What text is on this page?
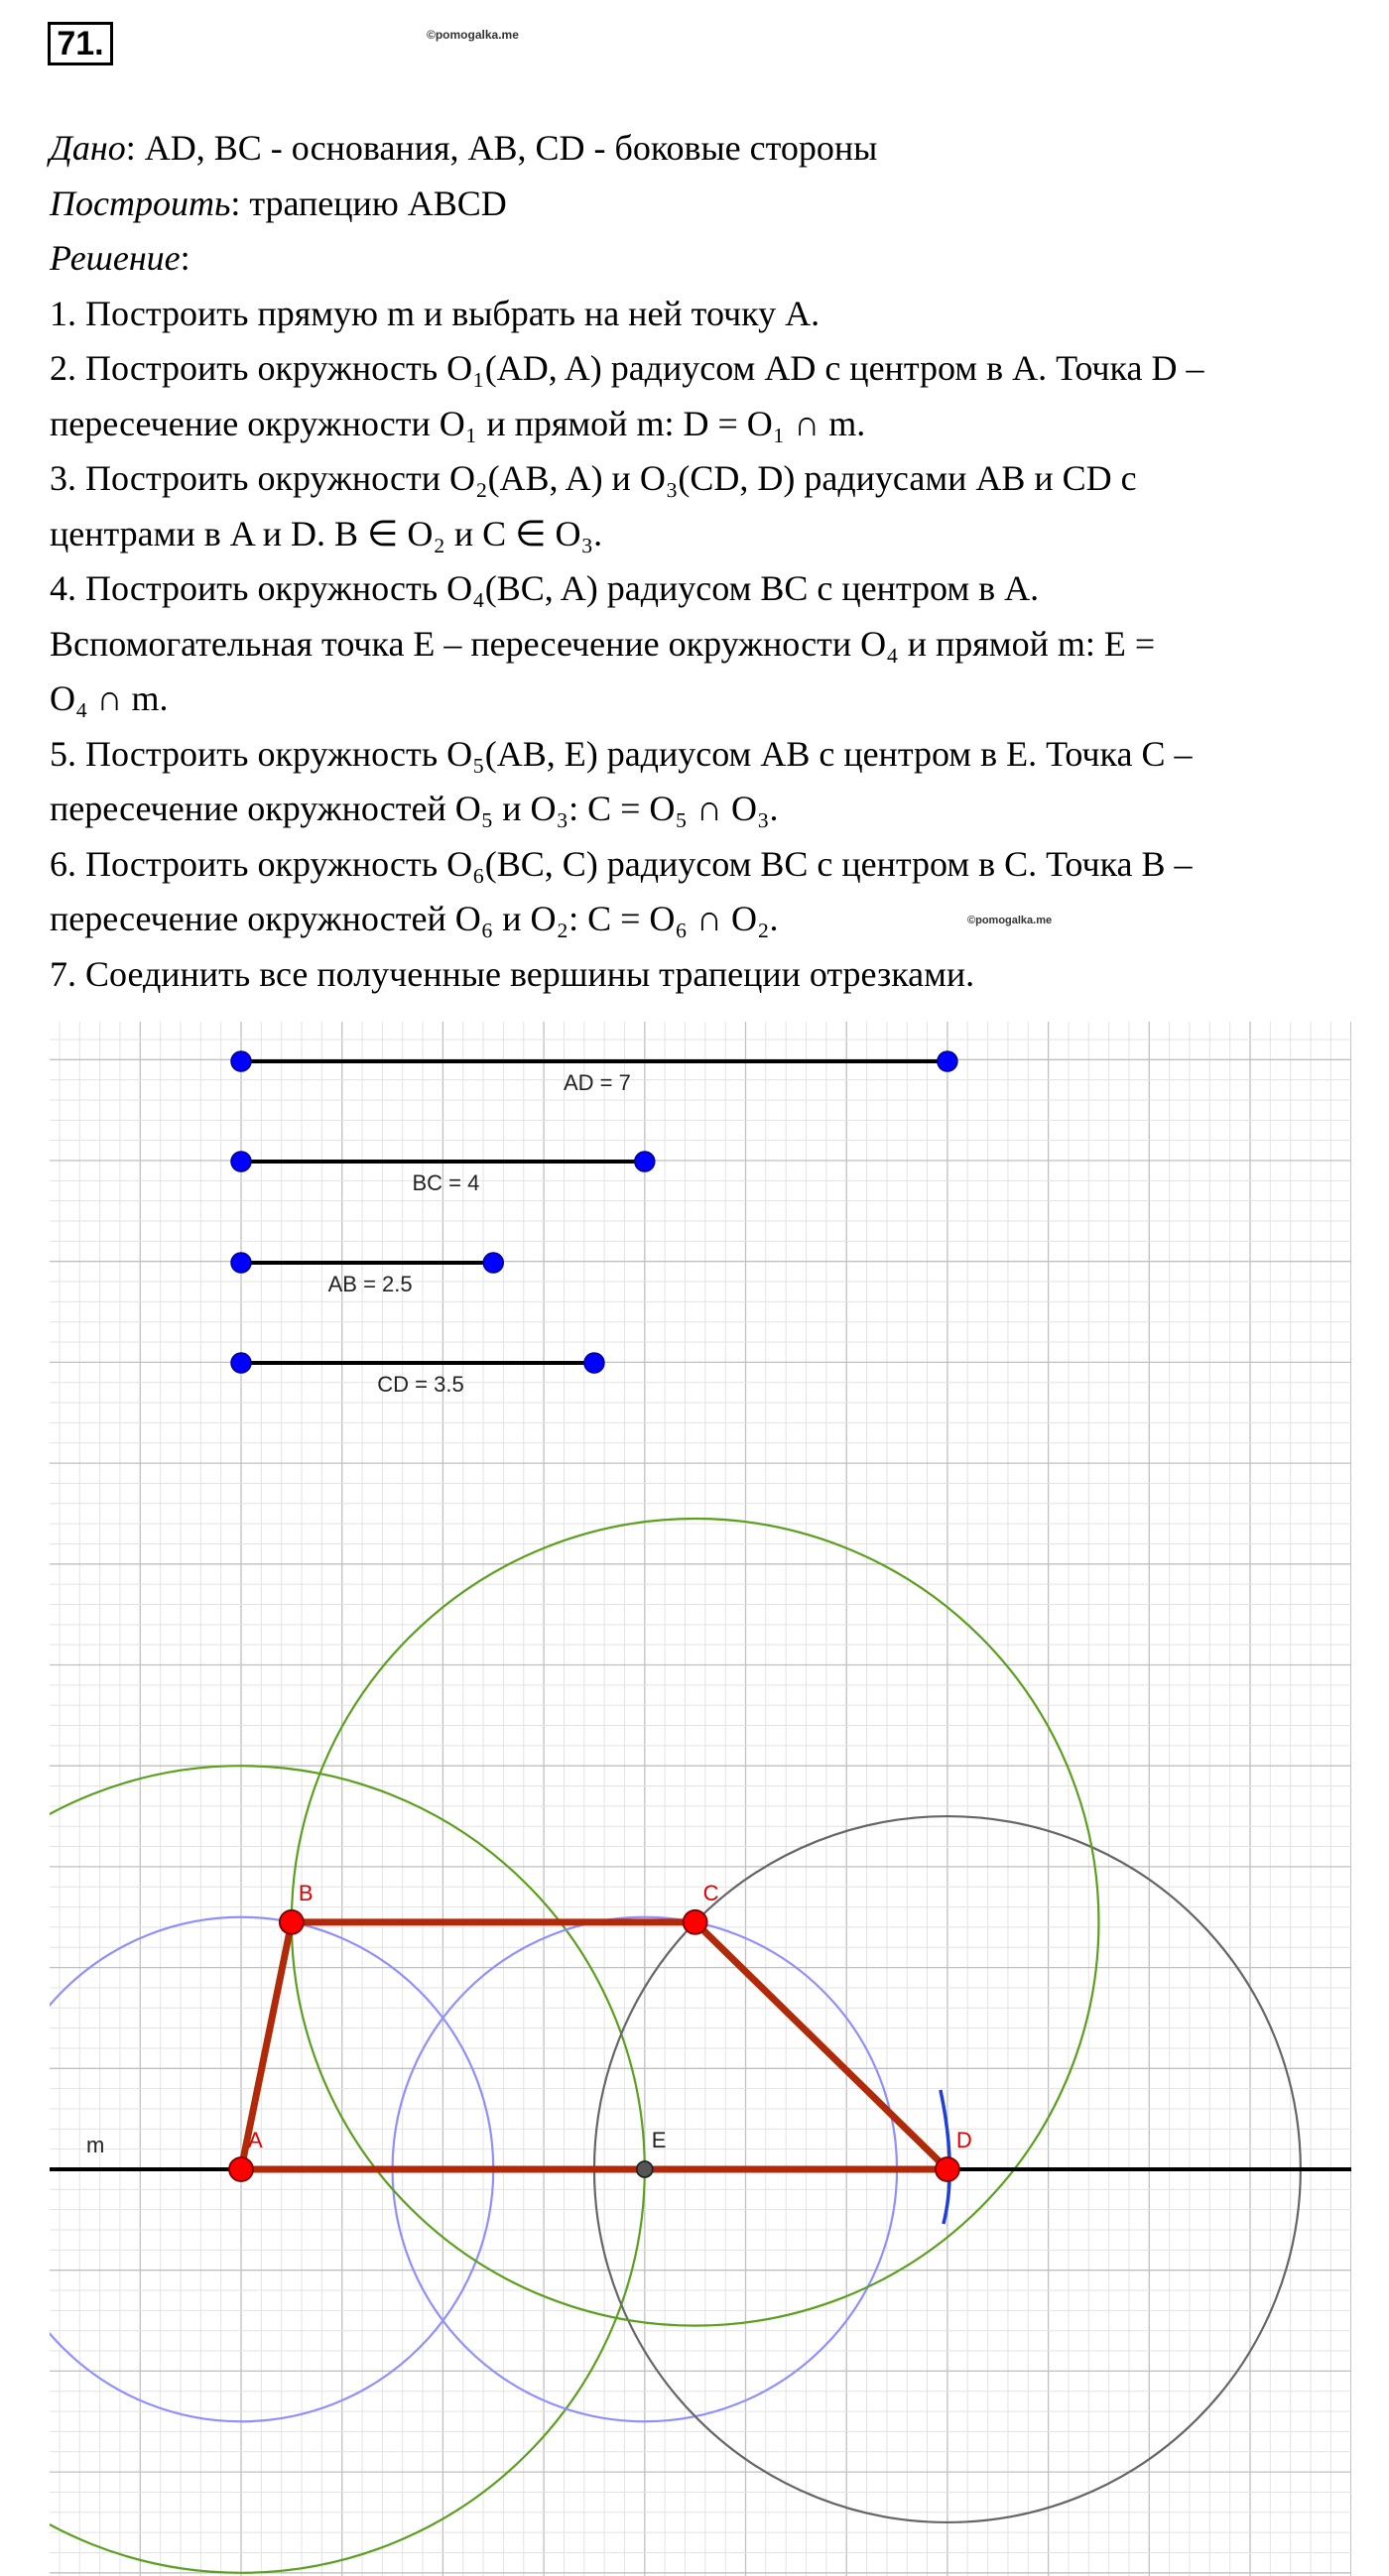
71.	©pomogalka.me
Дано: AD, BC - основания, AB, CD - боковые стороны
Построить: трапецию ABCD
Решение:
1. Построить прямую m и выбрать на ней точку A.
2. Построить окружность O₁(AD, A) радиусом AD с центром в A. Точка D –
пересечение окружности O₁ и прямой m: D = O₁ ∩ m.
3. Построить окружности O₂(AB, A) и O₃(CD, D) радиусами AB и CD с
центрами в A и D. B ∈ O₂ и C ∈ O₃.
4. Построить окружность O₄(BC, A) радиусом BC с центром в A.
Вспомогательная точка E – пересечение окружности O₄ и прямой m: E =
O₄ ∩ m.
5. Построить окружность O₅(AB, E) радиусом AB с центром в E. Точка C –
пересечение окружностей O₅ и O₃: C = O₅ ∩ O₃.
6. Построить окружность O₆(BC, C) радиусом BC с центром в C. Точка B –
пересечение окружностей O₆ и O₂: C = O₆ ∩ O₂.
7. Соединить все полученные вершины трапеции отрезками.
©pomogalka.me
AD = 7
BC = 4
AB = 2.5
CD = 3.5
m	A
B	C
D
E
